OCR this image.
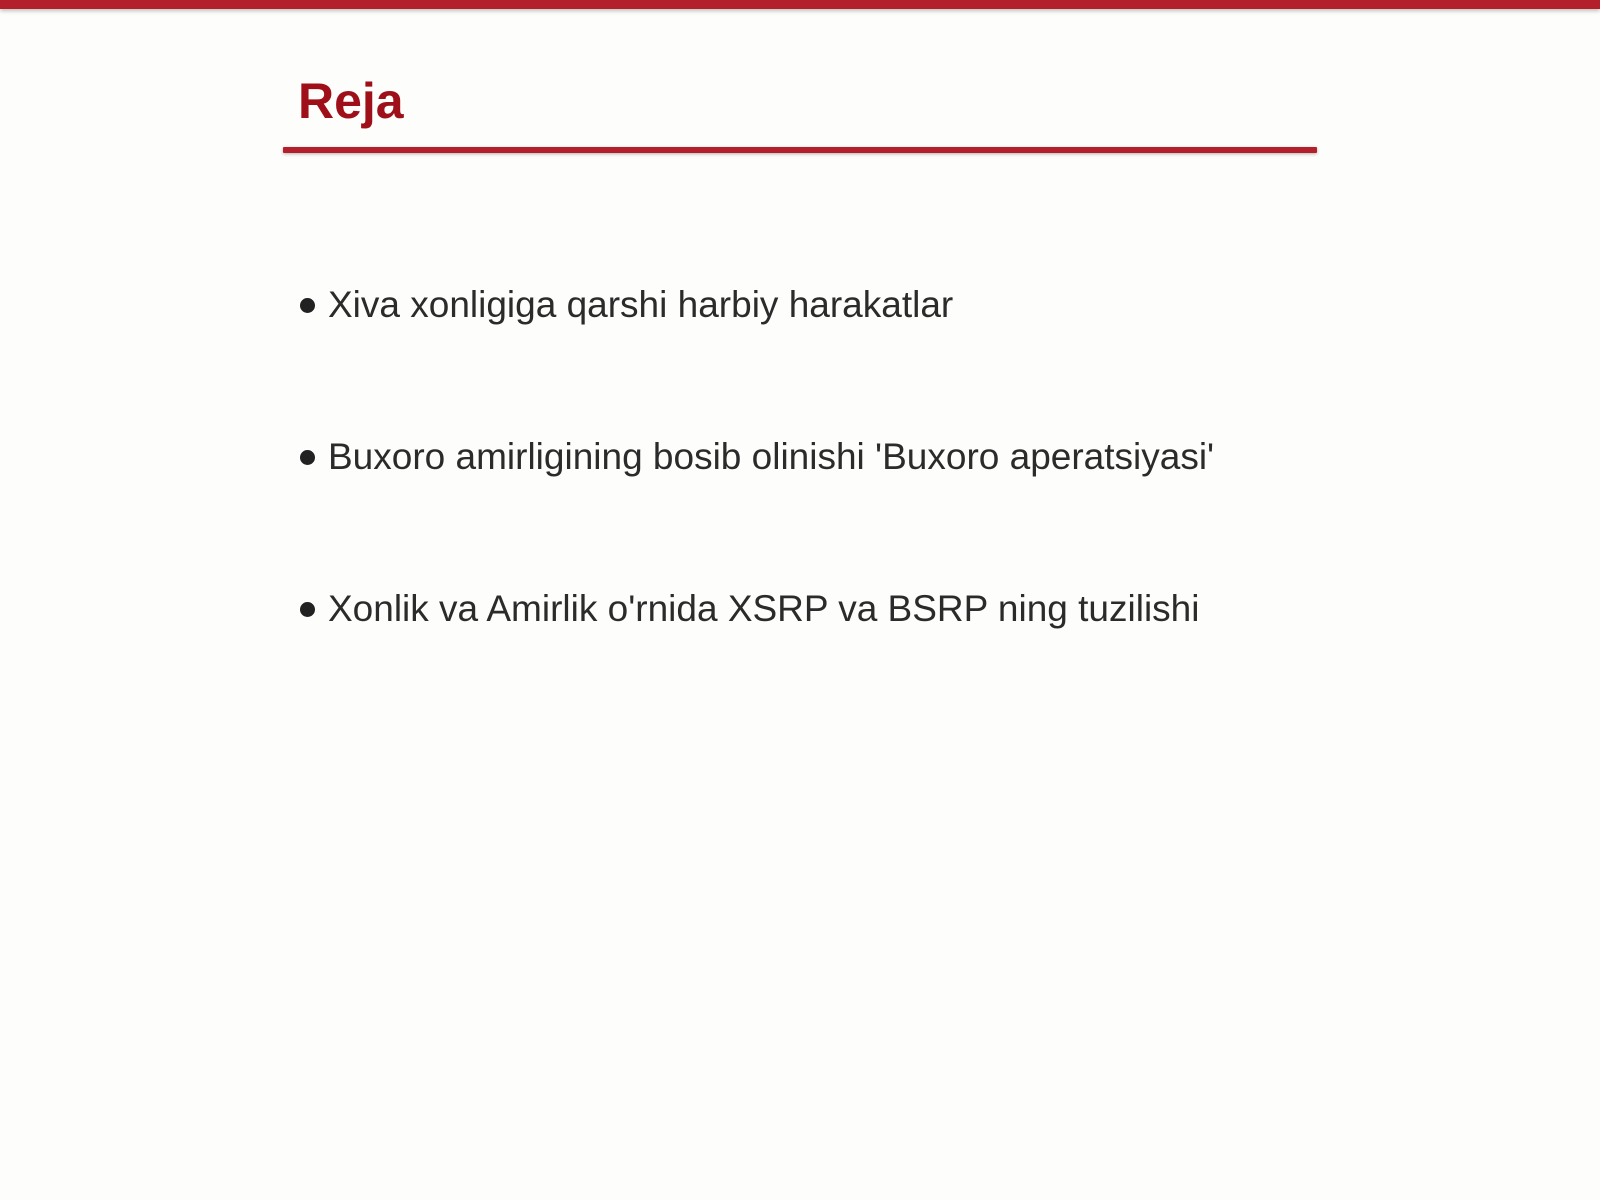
Reja
Xiva xonligiga qarshi harbiy harakatlar
Buxoro amirligining bosib olinishi 'Buxoro aperatsiyasi'
Xonlik va Amirlik o'rnida XSRP va BSRP ning tuzilishi
